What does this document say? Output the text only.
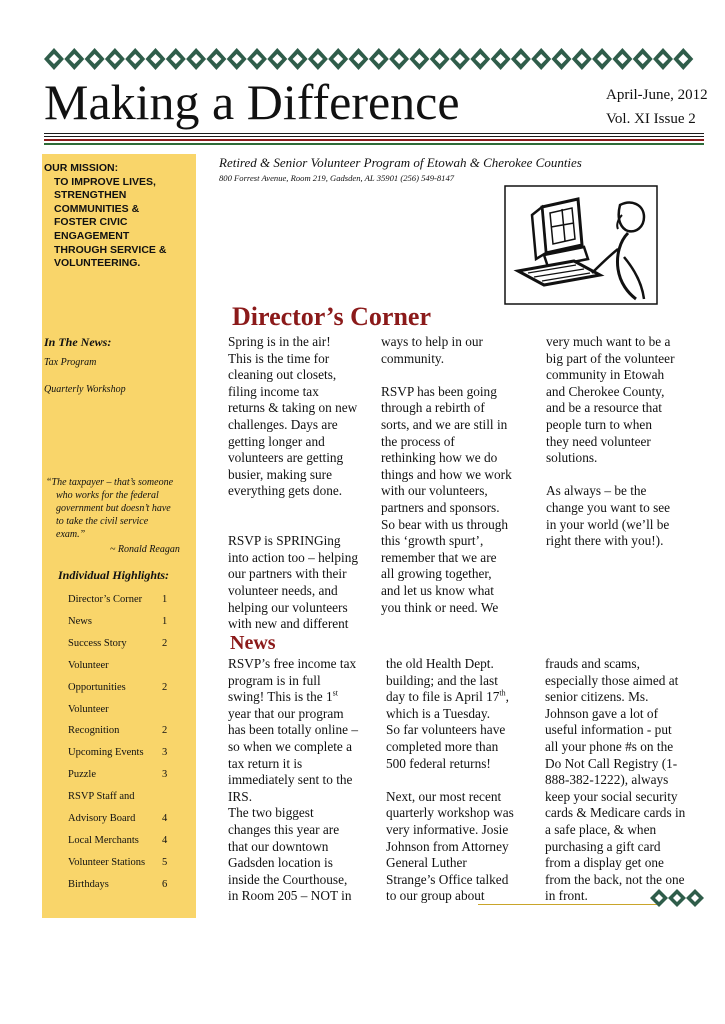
Making a Difference	April-June, 2012
Vol. XI Issue 2
OUR MISSION:
TO IMPROVE LIVES,
STRENGTHEN
COMMUNITIES &
FOSTER CIVIC
ENGAGEMENT
THROUGH SERVICE &
VOLUNTEERING.
In The News:
Tax Program
Quarterly Workshop
“The taxpayer – that’s someone
who works for the federal
government but doesn’t have
to take the civil service
exam.”
~ Ronald Reagan
Individual Highlights:
Director’s Corner 1
News	1
Success Story	2
Volunteer
Opportunities	2
Volunteer
Recognition	2
Upcoming Events 3
Puzzle	3
RSVP Staff and
Advisory Board	4
Local Merchants 4
Volunteer Stations 5
Birthdays	6
Retired & Senior Volunteer Program of Etowah & Cherokee Counties
800 Forrest Avenue, Room 219, Gadsden, AL 35901 (256) 549-8147
Director’s Corner
Spring is in the air!
This is the time for
cleaning out closets,
filing income tax
returns & taking on new
challenges. Days are
getting longer and
volunteers are getting
busier, making sure
everything gets done.
RSVP is SPRINGing
into action too – helping
our partners with their
volunteer needs, and
helping our volunteers
with new and different
ways to help in our
community.
RSVP has been going
through a rebirth of
sorts, and we are still in
the process of
rethinking how we do
things and how we work
with our volunteers,
partners and sponsors.
So bear with us through
this ‘growth spurt’,
remember that we are
all growing together,
and let us know what
you think or need. We
very much want to be a
big part of the volunteer
community in Etowah
and Cherokee County,
and be a resource that
people turn to when
they need volunteer
solutions.
As always – be the
change you want to see
in your world (we’ll be
right there with you!).
News
RSVP’s free income tax
program is in full
swing! This is the 1st
year that our program
has been totally online –
so when we complete a
tax return it is
immediately sent to the
IRS.
The two biggest
changes this year are
that our downtown
Gadsden location is
inside the Courthouse,
in Room 205 – NOT in
the old Health Dept.
building; and the last
day to file is April 17th,
which is a Tuesday.
So far volunteers have
completed more than
500 federal returns!
Next, our most recent
quarterly workshop was
very informative. Josie
Johnson from Attorney
General Luther
Strange’s Office talked
to our group about
frauds and scams,
especially those aimed at
senior citizens. Ms.
Johnson gave a lot of
useful information - put
all your phone #s on the
Do Not Call Registry (1-
888-382-1222), always
keep your social security
cards & Medicare cards in
a safe place, & when
purchasing a gift card
from a display get one
from the back, not the one
in front.
